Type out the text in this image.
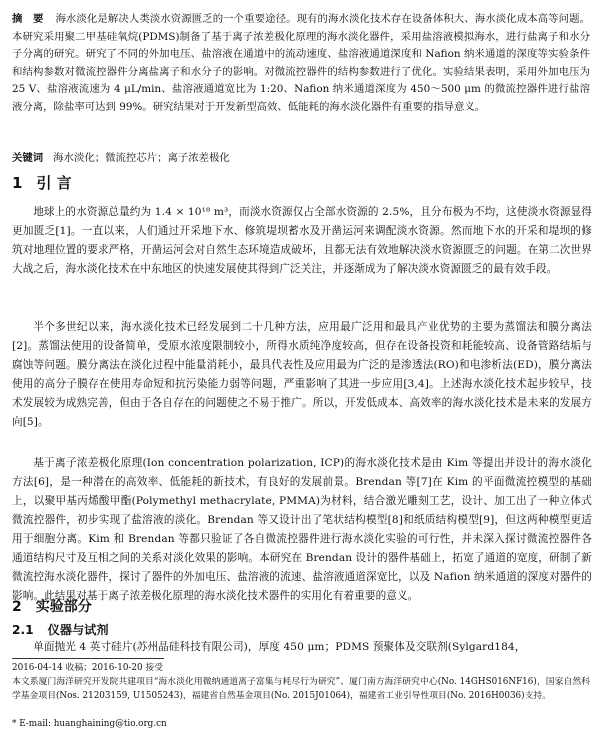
摘　要 海水淡化是解决人类淡水资源匮乏的一个重要途径。现有的海水淡化技术存在设备体积大、海水淡化成本高等问题。本研究采用聚二甲基硅氧烷(PDMS)制备了基于离子浓差极化原理的海水淡化器件，采用盐溶液模拟海水，进行盐离子和水分子分离的研究。研究了不同的外加电压、盐溶液在通道中的流动速度、盐溶液通道深度和 Nafion 纳米通道的深度等实验条件和结构参数对微流控器件分离盐离子和水分子的影响。对微流控器件的结构参数进行了优化。实验结果表明，采用外加电压为 25 V、盐溶液流速为 4 μL/min、盐溶液通道宽比为 1:20、Nafion 纳米通道深度为 450～500 μm 的微流控器件进行盐溶液分离，除盐率可达到 99%。研究结果对于开发新型高效、低能耗的海水淡化器件有重要的指导意义。
关键词 海水淡化；微流控芯片；离子浓差极化
1 引 言

地球上的水资源总量约为 1.4 × 10¹⁸ m³，而淡水资源仅占全部水资源的 2.5%，且分布极为不均，这使淡水资源显得更加匮乏[1]。一直以来，人们通过开采地下水、修筑堤坝蓄水及开凿运河来调配淡水资源。然而地下水的开采和堤坝的修筑对地理位置的要求严格，开凿运河会对自然生态环境造成破坏，且都无法有效地解决淡水资源匮乏的问题。在第二次世界大战之后，海水淡化技术在中东地区的快速发展使其得到广泛关注，并逐渐成为了解决淡水资源匮乏的最有效手段。

半个多世纪以来，海水淡化技术已经发展到二十几种方法，应用最广泛用和最具产业优势的主要为蒸馏法和膜分离法[2]。蒸馏法使用的设备简单，受原水浓度限制较小，所得水质纯净度较高，但存在设备投资和耗能较高、设备管路结垢与腐蚀等问题。膜分离法在淡化过程中能量消耗小，最具代表性及应用最为广泛的是渗透法(RO)和电渗析法(ED)，膜分离法使用的高分子膜存在使用寿命短和抗污染能力弱等问题，严重影响了其进一步应用[3,4]。上述海水淡化技术起步较早，技术发展较为成熟完善，但由于各自存在的问题使之不易于推广。所以，开发低成本、高效率的海水淡化技术是未来的发展方向[5]。

基于离子浓差极化原理(Ion concentration polarization, ICP)的海水淡化技术是由 Kim 等提出并设计的海水淡化方法[6]，是一种潜在的高效率、低能耗的新技术，有良好的发展前景。Brendan 等[7]在 Kim 的平面微流控模型的基础上，以聚甲基丙烯酸甲酯(Polymethyl methacrylate, PMMA)为材料，结合激光雕刻工艺，设计、加工出了一种立体式微流控器件，初步实现了盐溶液的淡化。Brendan 等又设计出了笔状结构模型[8]和纸质结构模型[9]，但这两种模型更适用于细胞分离。Kim 和 Brendan 等都只验证了各自微流控器件进行海水淡化实验的可行性，并未深入探讨微流控器件各通道结构尺寸及互相之间的关系对淡化效果的影响。本研究在 Brendan 设计的器件基础上，拓宽了通道的宽度，研制了新微流控海水淡化器件，探讨了器件的外加电压、盐溶液的流速、盐溶液通道深宽比，以及 Nafion 纳米通道的深度对器件的影响。此结果对基于离子浓差极化原理的海水淡化技术器件的实用化有着重要的意义。

2 实验部分
2.1 仪器与试剂

单面抛光 4 英寸硅片(苏州晶硅科技有限公司)，厚度 450 μm；PDMS 预聚体及交联剂(Sylgard184，

2016-04-14 收稿；2016-10-20 接受

本文系厦门海洋研究开发院共建项目“海水淡化用微纳通道离子富集与耗尽行为研究”、厦门南方海洋研究中心(No. 14GHS016NF16)，国家自然科学基金项目(Nos. 21203159, U1505243)，福建省自然基金项目(No. 2015J01064)，福建省工业引导性项目(No. 2016H0036)支持。

* E-mail: huanghaining@tio.org.cn
